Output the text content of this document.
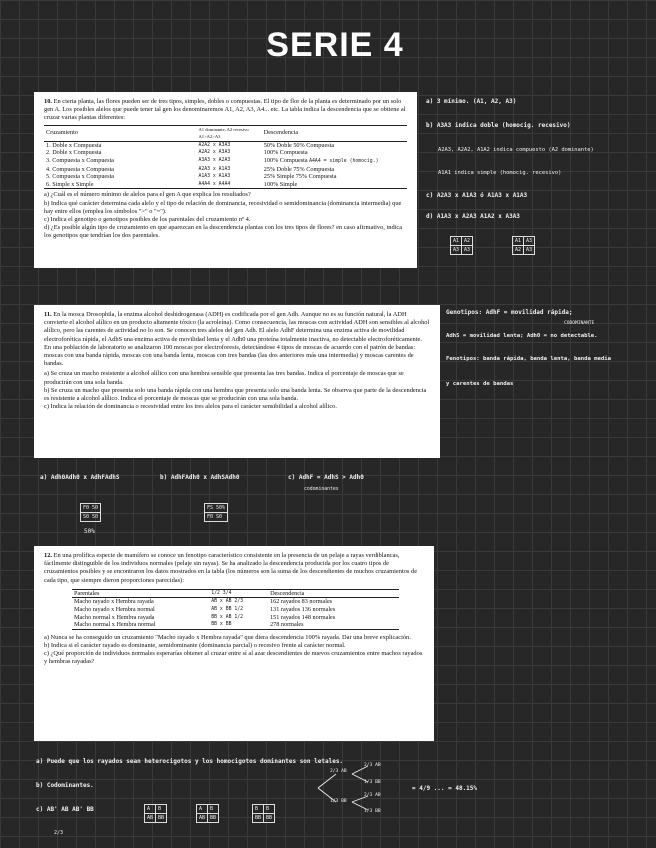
SERIE 4

10. En cierta planta, las flores pueden ser de tres tipos, simples, dobles o compuestas. El tipo de flor de la planta es determinado por un solo gen A. Los posibles alelos que puede tener tal gen los denominaremos A1, A2, A3, A4... etc. La tabla indica la descendencia que se obtiene al cruzar varias plantas diferentes:

Cruzamiento	A1 dominante, A2 recesivo A1>A2>A3	Descendencia
1. Doble x Compuesta	A2A2 x A3A3	50% Doble 50% Compuesta
2. Doble x Compuesta	A2A2 x A3A3	100% Compuesta
3. Compuesta x Compuesta	A3A3 x A2A3	100% Compuesta A4A4 = simple (homocig.)
4. Compuesta x Compuesta	A2A3 x A1A3	25% Doble 75% Compuesta
5. Compuesta x Compuesta	A1A3 x A1A3	25% Simple 75% Compuesta
6. Simple x Simple	A4A4 x A4A4	100% Simple

a) ¿Cuál es el número mínimo de alelos para el gen A que explica los resultados?

b) Indica qué carácter determina cada alelo y el tipo de relación de dominancia, recesividad o semidominancia (dominancia intermedia) que hay entre ellos (emplea los símbolos ">" o "=").

c) Indica el genotipo o genotipos posibles de los parentales del cruzamiento nº 4.

d) ¿Es posible algún tipo de cruzamiento en que aparezcan en la descendencia plantas con los tres tipos de flores? en caso afirmativo, indica los genotipos que tendrían los dos parentales.

a) 3 mínimo. (A1, A2, A3)
b) A3A3 indica doble (homocig. recesivo)
A2A3, A2A2, A1A2 indica compuesto (A2 dominante)
A1A1 indica simple (homocig. recesivo)
c) A2A3 x A1A3 ó A1A3 x A1A3
d) A1A3 x A2A3 A1A2 x A3A3
A1	A2
A3	A3
A1	A3
A2	A3

11. En la mosca Drosophila, la enzima alcohol deshidrogenasa (ADH) es codificada por el gen Adh. Aunque no es su función natural, la ADH convierte el alcohol alílico en un producto altamente tóxico (la acroleína). Como consecuencia, las moscas con actividad ADH son sensibles al alcohol alílico, pero las carentes de actividad no lo son. Se conocen tres alelos del gen Adh. El alelo AdhF determina una enzima activa de movilidad electroforética rápida, el AdhS una enzima activa de movilidad lenta y el Adh0 una proteína totalmente inactiva, no detectable electroforéticamente. En una población de laboratorio se analizaron 100 moscas por electroforesis, detectándose 4 tipos de moscas de acuerdo con el patrón de bandas: moscas con una banda rápida, moscas con una banda lenta, moscas con tres bandas (las dos anteriores más una intermedia) y moscas carentes de bandas.

a) Se cruza un macho resistente a alcohol alílico con una hembra sensible que presenta las tres bandas. Indica el porcentaje de moscas que se producirán con una sola banda.

b) Se cruza un macho que presenta solo una banda rápida con una hembra que presenta solo una banda lenta. Se observa que parte de la descendencia es resistente a alcohol alílico. Indica el porcentaje de moscas que se producirán con una sola banda.

c) Indica la relación de dominancia o recesividad entre los tres alelos para el carácter sensibilidad a alcohol alílico.

Genotipos: AdhF = movilidad rápida;
CODOMINANTE
AdhS = movilidad lenta; Adh0 = no detectable.
Fenotipos: banda rápida, banda lenta, banda media
y carentes de bandas
a) Adh0Adh0 x AdhFAdhS	b) AdhFAdh0 x AdhSAdh0	c) AdhF = AdhS > Adh0
codominantes
F0 50
S0 50
50%
FS 50%
F0 S0

12. En una prolífica especie de mamífero se conoce un fenotipo característico consistente en la presencia de un pelaje a rayas verdiblancas, fácilmente distinguible de los individuos normales (pelaje sin rayas). Se ha analizado la descendencia producida por los cuatro tipos de cruzamientos posibles y se encontraron los datos mostrados en la tabla (los números son la suma de los descendientes de muchos cruzamientos de cada tipo, que siempre dieron proporciones parecidas):

Parentales	1/2 3/4	Descendencia
Macho rayado x Hembra rayada	AB x AB 2/3	162 rayados 83 normales
Macho rayado x Hembra normal	AB x BB 1/2	131 rayados 136 normales
Macho normal x Hembra rayada	BB x AB 1/2	151 rayados 148 normales
Macho normal x Hembra normal	BB x BB	278 normales

a) Nunca se ha conseguido un cruzamiento "Macho rayado x Hembra rayada" que diera descendencia 100% rayada. Dar una breve explicación.

b) Indica si el carácter rayado es dominante, semidominante (dominancia parcial) o recesivo frente al carácter normal.

c) ¿Qué proporción de individuos normales esperarías obtener al cruzar entre sí al azar descendientes de nuevos cruzamientos entre machos rayados y hembras rayadas?

a) Puede que los rayados sean heterocigotos y los homocigotos dominantes son letales.
b) Codominantes.
c) AB' AB AB' BB
2/3
A	B
AB	BB
A	B
AB	BB
B	B
BB	BB
2/3 AB
1/3 BB
2/3 AB
1/3 BB
2/3 AB
1/3 BB
= 4/9 ... = 48.15%
